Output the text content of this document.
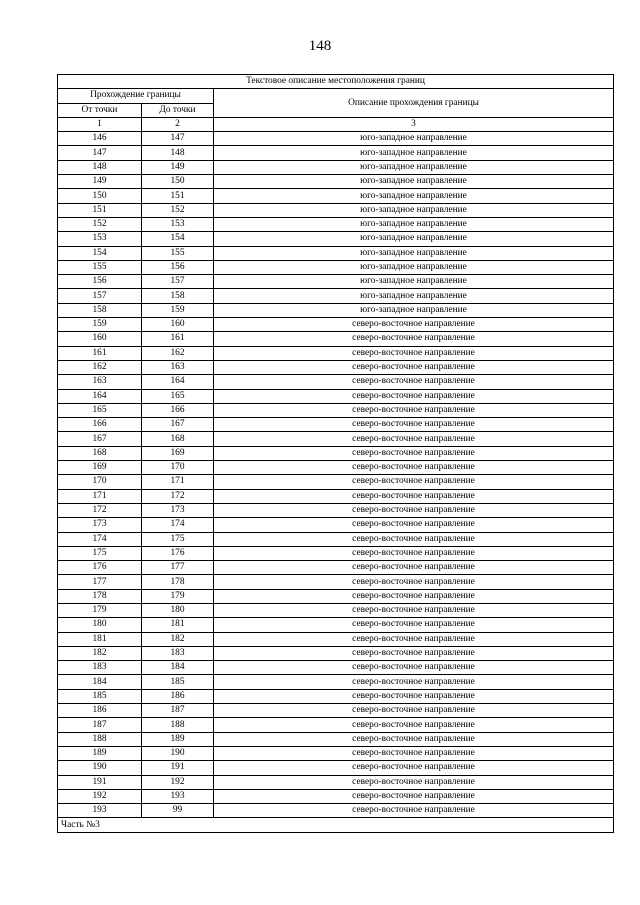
148
Текстовое описание местоположения границ		
Прохождение границы		Описание прохождения границы
От точки	До точки	
1	2	3
146	147	юго-западное направление
147	148	юго-западное направление
148	149	юго-западное направление
149	150	юго-западное направление
150	151	юго-западное направление
151	152	юго-западное направление
152	153	юго-западное направление
153	154	юго-западное направление
154	155	юго-западное направление
155	156	юго-западное направление
156	157	юго-западное направление
157	158	юго-западное направление
158	159	юго-западное направление
159	160	северо-восточное направление
160	161	северо-восточное направление
161	162	северо-восточное направление
162	163	северо-восточное направление
163	164	северо-восточное направление
164	165	северо-восточное направление
165	166	северо-восточное направление
166	167	северо-восточное направление
167	168	северо-восточное направление
168	169	северо-восточное направление
169	170	северо-восточное направление
170	171	северо-восточное направление
171	172	северо-восточное направление
172	173	северо-восточное направление
173	174	северо-восточное направление
174	175	северо-восточное направление
175	176	северо-восточное направление
176	177	северо-восточное направление
177	178	северо-восточное направление
178	179	северо-восточное направление
179	180	северо-восточное направление
180	181	северо-восточное направление
181	182	северо-восточное направление
182	183	северо-восточное направление
183	184	северо-восточное направление
184	185	северо-восточное направление
185	186	северо-восточное направление
186	187	северо-восточное направление
187	188	северо-восточное направление
188	189	северо-восточное направление
189	190	северо-восточное направление
190	191	северо-восточное направление
191	192	северо-восточное направление
192	193	северо-восточное направление
193	99	северо-восточное направление
Часть №3		
